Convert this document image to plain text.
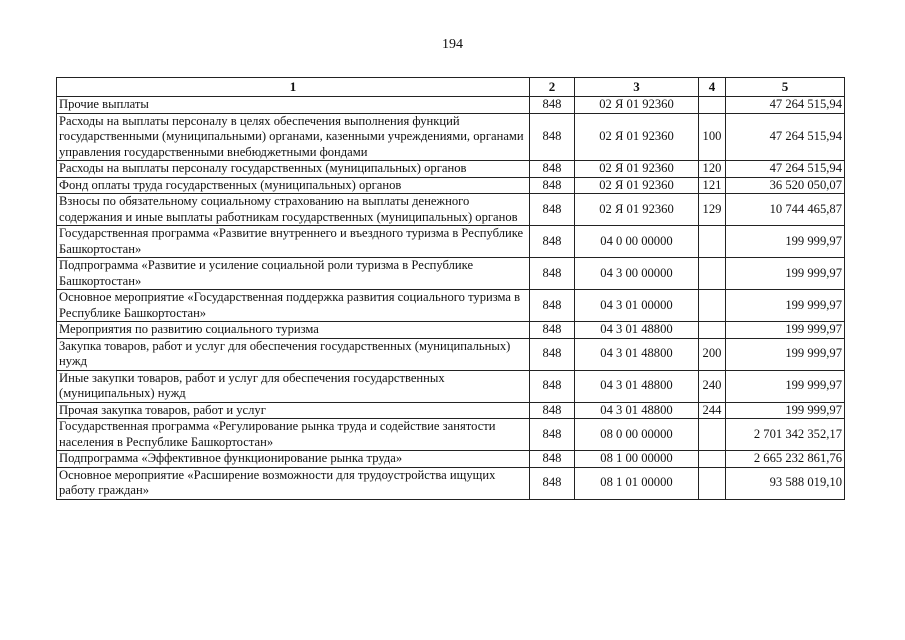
194
1	2	3	4	5
Прочие выплаты	848	02 Я 01 92360		47 264 515,94
Расходы на выплаты персоналу в целях обеспечения выполнения функций государственными (муниципальными) органами, казенными учреждениями, органами управления государственными внебюджетными фондами	848	02 Я 01 92360	100	47 264 515,94
Расходы на выплаты персоналу государственных (муниципальных) органов	848	02 Я 01 92360	120	47 264 515,94
Фонд оплаты труда государственных (муниципальных) органов	848	02 Я 01 92360	121	36 520 050,07
Взносы по обязательному социальному страхованию на выплаты денежного содержания и иные выплаты работникам государственных (муниципальных) органов	848	02 Я 01 92360	129	10 744 465,87
Государственная программа «Развитие внутреннего и въездного туризма в Республике Башкортостан»	848	04 0 00 00000		199 999,97
Подпрограмма «Развитие и усиление социальной роли туризма в Республике Башкортостан»	848	04 3 00 00000		199 999,97
Основное мероприятие «Государственная поддержка развития социального туризма в Республике Башкортостан»	848	04 3 01 00000		199 999,97
Мероприятия по развитию социального туризма	848	04 3 01 48800		199 999,97
Закупка товаров, работ и услуг для обеспечения государственных (муниципальных) нужд	848	04 3 01 48800	200	199 999,97
Иные закупки товаров, работ и услуг для обеспечения государственных (муниципальных) нужд	848	04 3 01 48800	240	199 999,97
Прочая закупка товаров, работ и услуг	848	04 3 01 48800	244	199 999,97
Государственная программа «Регулирование рынка труда и содействие занятости населения в Республике Башкортостан»	848	08 0 00 00000		2 701 342 352,17
Подпрограмма «Эффективное функционирование рынка труда»	848	08 1 00 00000		2 665 232 861,76
Основное мероприятие «Расширение возможности для трудоустройства ищущих работу граждан»	848	08 1 01 00000		93 588 019,10
